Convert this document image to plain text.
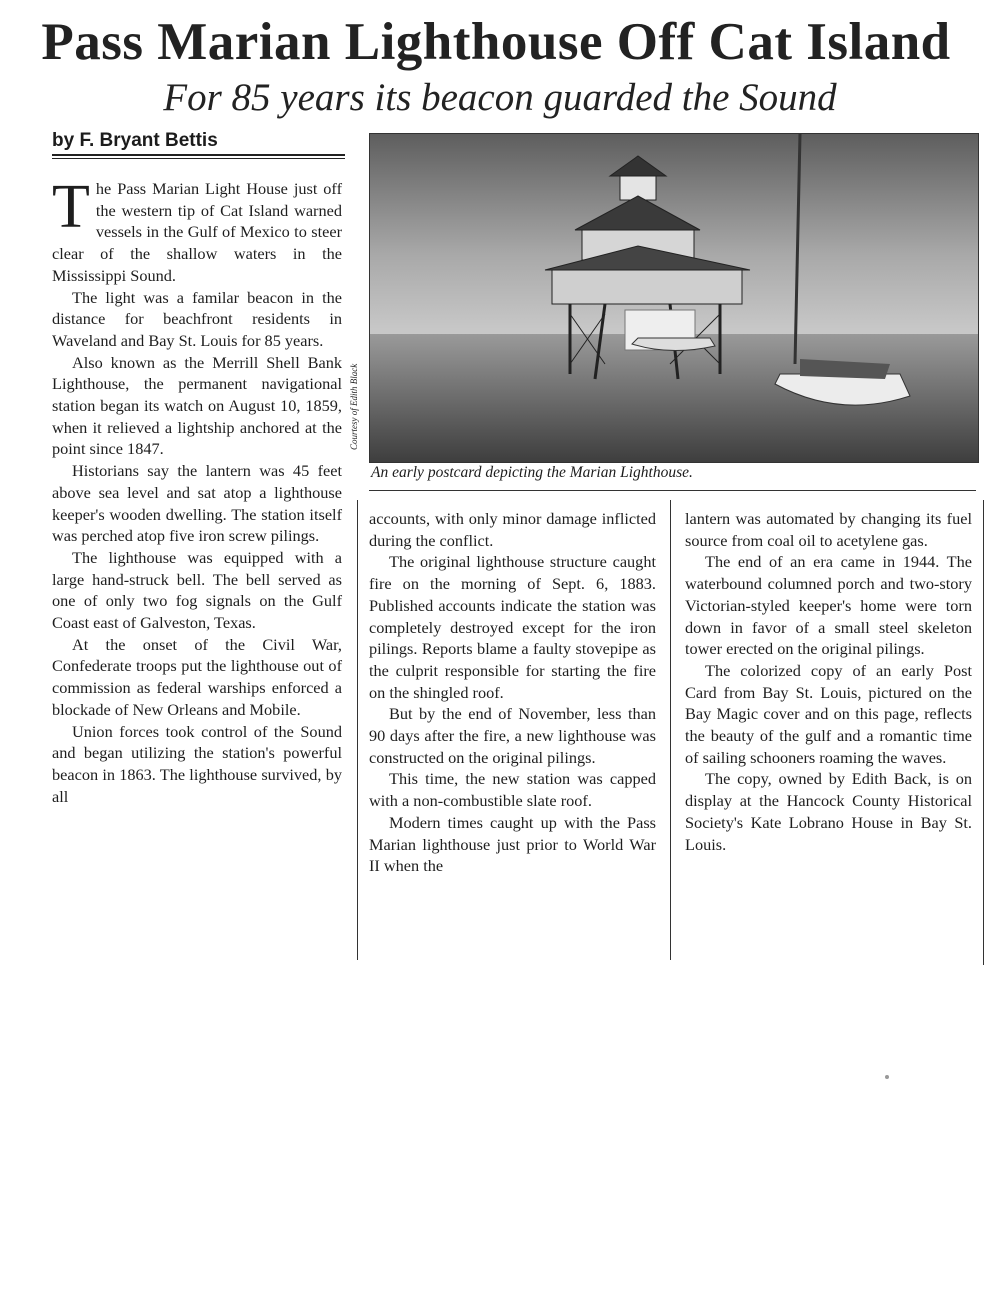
Pass Marian Lighthouse Off Cat Island
For 85 years its beacon guarded the Sound
by F. Bryant Bettis

The Pass Marian Light House just off the western tip of Cat Island warned vessels in the Gulf of Mexico to steer clear of the shallow waters in the Mississippi Sound.

The light was a familar beacon in the distance for beachfront residents in Waveland and Bay St. Louis for 85 years.

Also known as the Merrill Shell Bank Lighthouse, the permanent navigational station began its watch on August 10, 1859, when it relieved a lightship anchored at the point since 1847.

Historians say the lantern was 45 feet above sea level and sat atop a lighthouse keeper's wooden dwelling. The station itself was perched atop five iron screw pilings.

The lighthouse was equipped with a large hand-struck bell. The bell served as one of only two fog signals on the Gulf Coast east of Galveston, Texas.

At the onset of the Civil War, Confederate troops put the lighthouse out of commission as federal warships enforced a blockade of New Orleans and Mobile.

Union forces took control of the Sound and began utilizing the station's powerful beacon in 1863. The lighthouse survived, by all

Courtesy of Edith Black
An early postcard depicting the Marian Lighthouse.

accounts, with only minor damage inflicted during the conflict.

The original lighthouse structure caught fire on the morning of Sept. 6, 1883. Published accounts indicate the station was completely destroyed except for the iron pilings. Reports blame a faulty stovepipe as the culprit responsible for starting the fire on the shingled roof.

But by the end of November, less than 90 days after the fire, a new lighthouse was constructed on the original pilings.

This time, the new station was capped with a non-combustible slate roof.

Modern times caught up with the Pass Marian lighthouse just prior to World War II when the

lantern was automated by changing its fuel source from coal oil to acetylene gas.

The end of an era came in 1944. The waterbound columned porch and two-story Victorian-styled keeper's home were torn down in favor of a small steel skeleton tower erected on the original pilings.

The colorized copy of an early Post Card from Bay St. Louis, pictured on the Bay Magic cover and on this page, reflects the beauty of the gulf and a romantic time of sailing schooners roaming the waves.

The copy, owned by Edith Back, is on display at the Hancock County Historical Society's Kate Lobrano House in Bay St. Louis.
